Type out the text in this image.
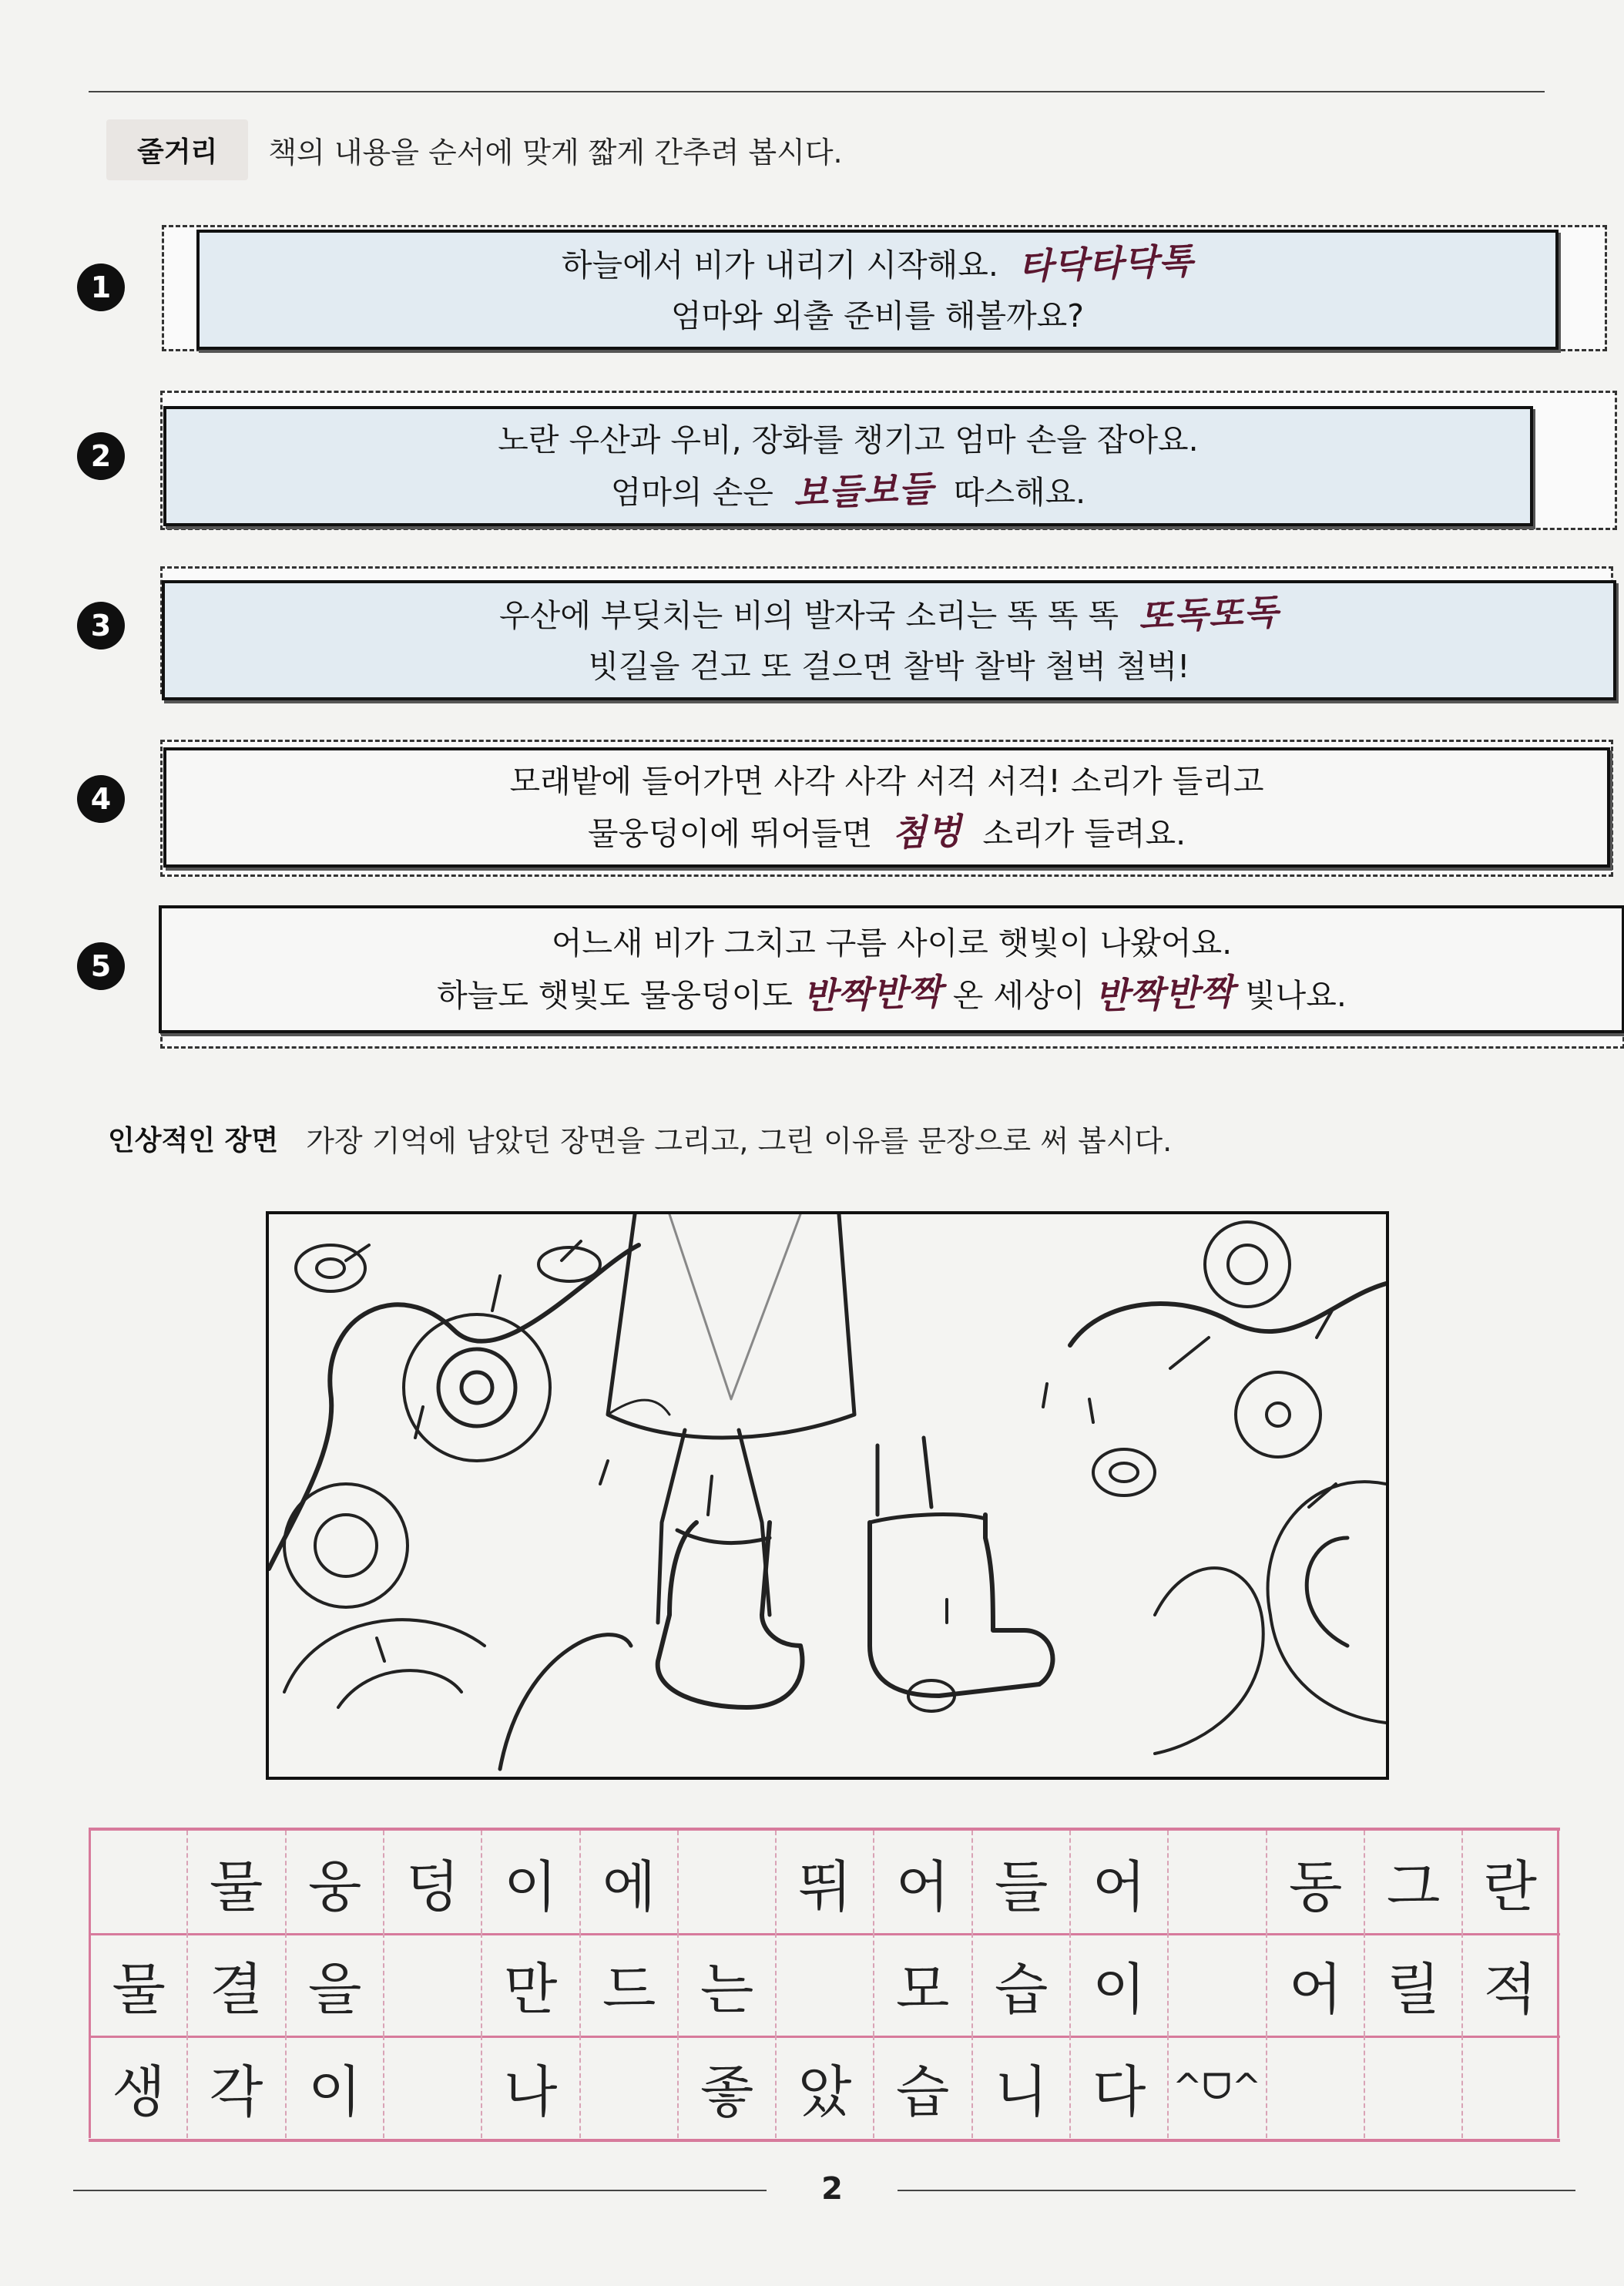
줄거리	책의 내용을 순서에 맞게 짧게 간추려 봅시다.
1
하늘에서 비가 내리기 시작해요. 타닥타닥톡
엄마와 외출 준비를 해볼까요?
2	노란 우산과 우비, 장화를 챙기고 엄마 손을 잡아요.
엄마의 손은 보들보들 따스해요.
3	우산에 부딪치는 비의 발자국 소리는 똑 똑 똑 또독또독
빗길을 걷고 또 걸으면 찰박 찰박 철벅 철벅!
4	모래밭에 들어가면 사각 사각 서걱 서걱! 소리가 들리고
물웅덩이에 뛰어들면 첨벙 소리가 들려요.
5
어느새 비가 그치고 구름 사이로 햇빛이 나왔어요.
하늘도 햇빛도 물웅덩이도 반짝반짝 온 세상이 반짝반짝 빛나요.
인상적인 장면 가장 기억에 남았던 장면을 그리고, 그린 이유를 문장으로 써 봅시다.
물 웅 덩 이 에	뛰 어 들 어	동 그 란
물 결 을	만 드 는	모 습 이	어 릴 적
생 각 이	나	좋 았 습 니 다 ^ᗜ^
2
